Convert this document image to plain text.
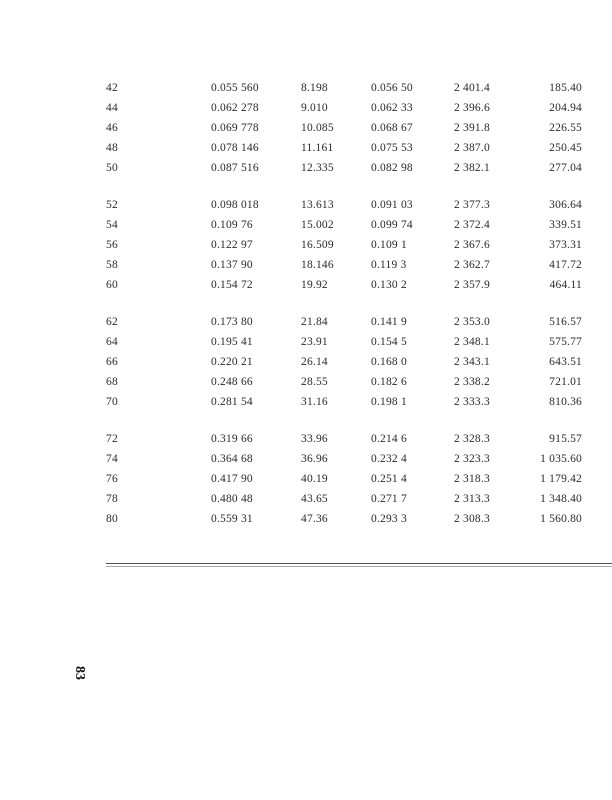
42	0.055 560	8.198	0.056 50	2 401.4	185.40
44	0.062 278	9.010	0.062 33	2 396.6	204.94
46	0.069 778	10.085	0.068 67	2 391.8	226.55
48	0.078 146	11.161	0.075 53	2 387.0	250.45
50	0.087 516	12.335	0.082 98	2 382.1	277.04
52	0.098 018	13.613	0.091 03	2 377.3	306.64
54	0.109 76	15.002	0.099 74	2 372.4	339.51
56	0.122 97	16.509	0.109 1	2 367.6	373.31
58	0.137 90	18.146	0.119 3	2 362.7	417.72
60	0.154 72	19.92	0.130 2	2 357.9	464.11
62	0.173 80	21.84	0.141 9	2 353.0	516.57
64	0.195 41	23.91	0.154 5	2 348.1	575.77
66	0.220 21	26.14	0.168 0	2 343.1	643.51
68	0.248 66	28.55	0.182 6	2 338.2	721.01
70	0.281 54	31.16	0.198 1	2 333.3	810.36
72	0.319 66	33.96	0.214 6	2 328.3	915.57
74	0.364 68	36.96	0.232 4	2 323.3	1 035.60
76	0.417 90	40.19	0.251 4	2 318.3	1 179.42
78	0.480 48	43.65	0.271 7	2 313.3	1 348.40
80	0.559 31	47.36	0.293 3	2 308.3	1 560.80
83
